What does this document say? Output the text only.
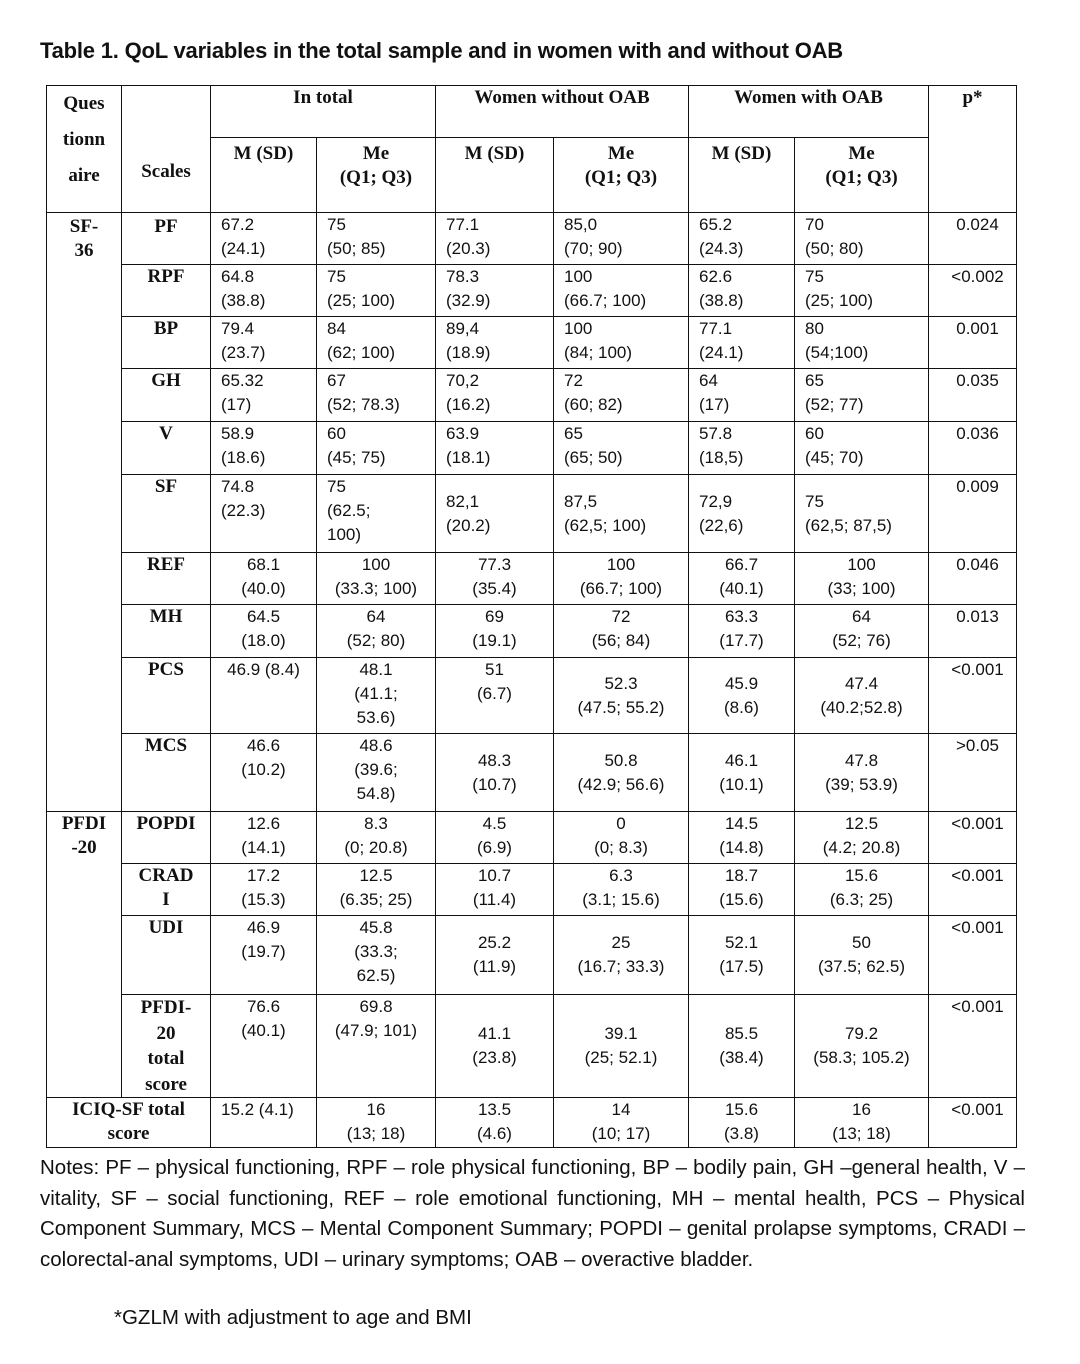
Table 1. QoL variables in the total sample and in women with and without OAB
Ques
tionn
aire	Scales	In total		Women without OAB		Women with OAB		p*

		M (SD)	Me
(Q1; Q3)	M (SD)	Me
(Q1; Q3)	M (SD)	Me
(Q1; Q3)	

SF-
36	PF	67.2
(24.1)	75
(50; 85)	77.1
(20.3)	85,0
(70; 90)	65.2
(24.3)	70
(50; 80)	0.024

	RPF	64.8
(38.8)	75
(25; 100)	78.3
(32.9)	100
(66.7; 100)	62.6
(38.8)	75
(25; 100)	<0.002

	BP	79.4
(23.7)	84
(62; 100)	89,4
(18.9)	100
(84; 100)	77.1
(24.1)	80
(54;100)	0.001

	GH	65.32
(17)	67
(52; 78.3)	70,2
(16.2)	72
(60; 82)	64
(17)	65
(52; 77)	0.035

	V	58.9
(18.6)	60
(45; 75)	63.9
(18.1)	65
(65; 50)	57.8
(18,5)	60
(45; 70)	0.036

	SF	74.8
(22.3)	75
(62.5;
100)	82,1
(20.2)	87,5
(62,5; 100)	72,9
(22,6)	75
(62,5; 87,5)	0.009

	REF	68.1
(40.0)	100
(33.3; 100)	77.3
(35.4)	100
(66.7; 100)	66.7
(40.1)	100
(33; 100)	0.046

	MH	64.5
(18.0)	64
(52; 80)	69
(19.1)	72
(56; 84)	63.3
(17.7)	64
(52; 76)	0.013

	PCS	46.9 (8.4)	48.1
(41.1;
53.6)	51
(6.7)	52.3
(47.5; 55.2)	45.9
(8.6)	47.4
(40.2;52.8)	<0.001

	MCS	46.6
(10.2)	48.6
(39.6;
54.8)	48.3
(10.7)	50.8
(42.9; 56.6)	46.1
(10.1)	47.8
(39; 53.9)	>0.05

PFDI
-20	POPDI	12.6
(14.1)	8.3
(0; 20.8)	4.5
(6.9)	0
(0; 8.3)	14.5
(14.8)	12.5
(4.2; 20.8)	<0.001

	CRAD
I	17.2
(15.3)	12.5
(6.35; 25)	10.7
(11.4)	6.3
(3.1; 15.6)	18.7
(15.6)	15.6
(6.3; 25)	<0.001

	UDI	46.9
(19.7)	45.8
(33.3;
62.5)	25.2
(11.9)	25
(16.7; 33.3)	52.1
(17.5)	50
(37.5; 62.5)	<0.001

	PFDI-
20
total
score	76.6
(40.1)	69.8
(47.9; 101)	41.1
(23.8)	39.1
(25; 52.1)	85.5
(38.4)	79.2
(58.3; 105.2)	<0.001

ICIQ-SF total
score		15.2 (4.1)	16
(13; 18)	13.5
(4.6)	14
(10; 17)	15.6
(3.8)	16
(13; 18)	<0.001
Notes: PF – physical functioning, RPF – role physical functioning, BP – bodily pain, GH –general health, V – vitality, SF – social functioning, REF – role emotional functioning, MH – mental health, PCS – Physical Component Summary, MCS – Mental Component Summary; POPDI – genital prolapse symptoms, CRADI – colorectal-anal symptoms, UDI – urinary symptoms; OAB – overactive bladder.
*GZLM with adjustment to age and BMI
